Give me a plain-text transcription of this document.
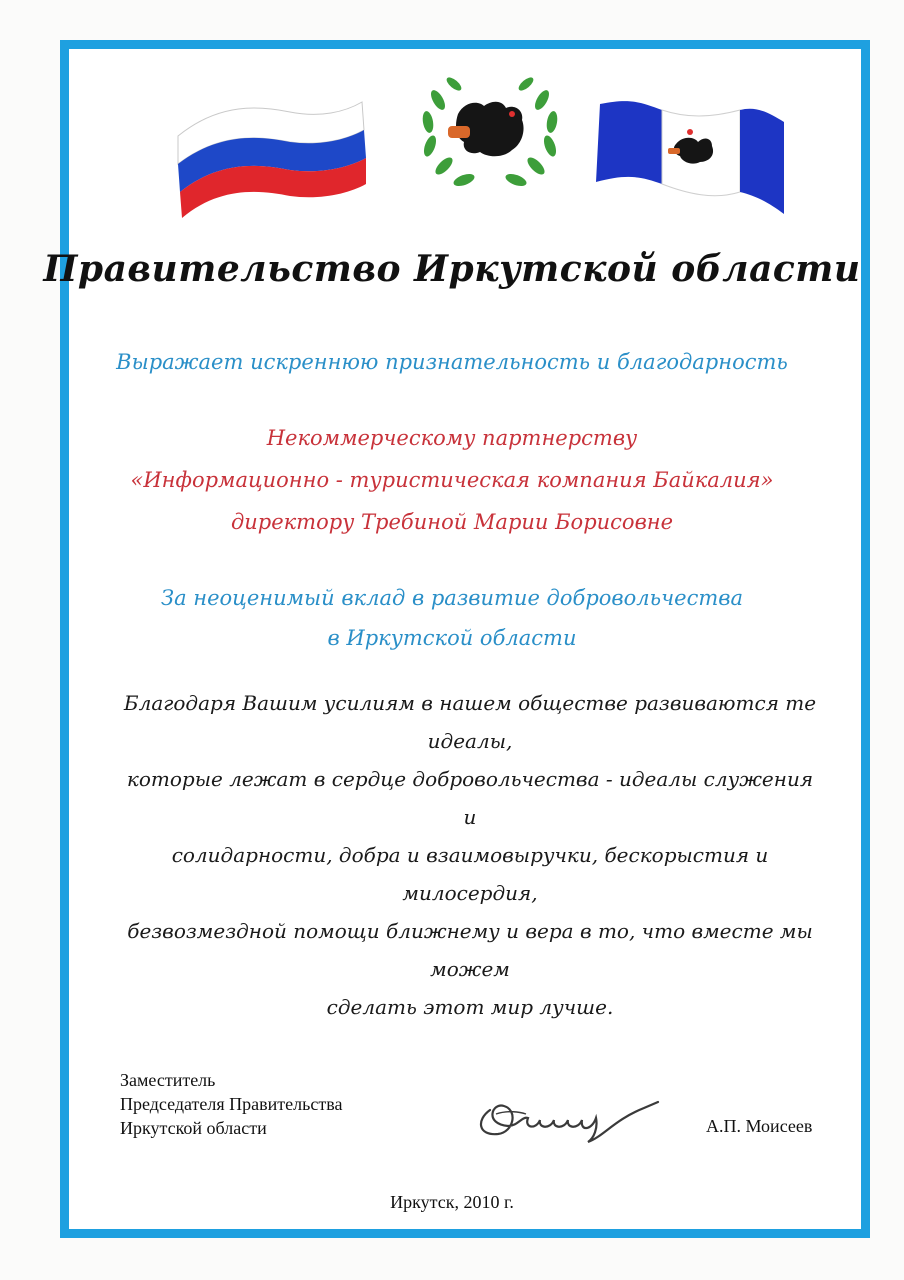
Правительство Иркутской области
Выражает искреннюю признательность и благодарность
Некоммерческому партнерству
«Информационно - туристическая компания Байкалия»
директору Требиной Марии Борисовне
За неоценимый вклад в развитие добровольчества
в Иркутской области
Благодаря Вашим усилиям в нашем обществе развиваются те идеалы,
которые лежат в сердце добровольчества - идеалы служения и
солидарности, добра и взаимовыручки, бескорыстия и милосердия,
безвозмездной помощи ближнему и вера в то, что вместе мы можем
сделать этот мир лучше.
Заместитель
Председателя Правительства
Иркутской области	А.П. Моисеев
Иркутск, 2010 г.
